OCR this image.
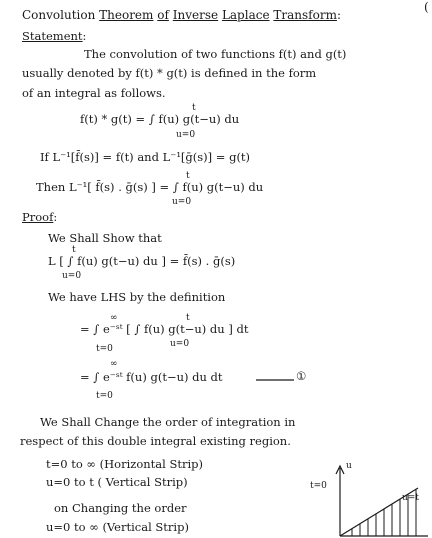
(
Convolution Theorem of Inverse Laplace Transform:
Statement:
The convolution of two functions f(t) and g(t)
usually denoted by f(t) * g(t) is defined in the form
of an integral as follows.
t
f(t) * g(t) = ∫ f(u) g(t−u) du
u=0
If L⁻¹[f̄(s)] = f(t) and L⁻¹[ḡ(s)] = g(t)
t
Then L⁻¹[ f̄(s) . ḡ(s) ] = ∫ f(u) g(t−u) du
u=0
Proof:
We Shall Show that
t
L [ ∫ f(u) g(t−u) du ] = f̄(s) . ḡ(s)
u=0
We have LHS by the definition
∞	t
= ∫ e⁻ˢᵗ [ ∫ f(u) g(t−u) du ] dt
t=0	u=0
∞
= ∫ e⁻ˢᵗ f(u) g(t−u) du dt
t=0
①
We Shall Change the order of integration in
respect of this double integral existing region.
t=0 to ∞ (Horizontal Strip)
u=0 to t ( Vertical Strip)
on Changing the order
u=0 to ∞ (Vertical Strip)
u
t=0
u=t
